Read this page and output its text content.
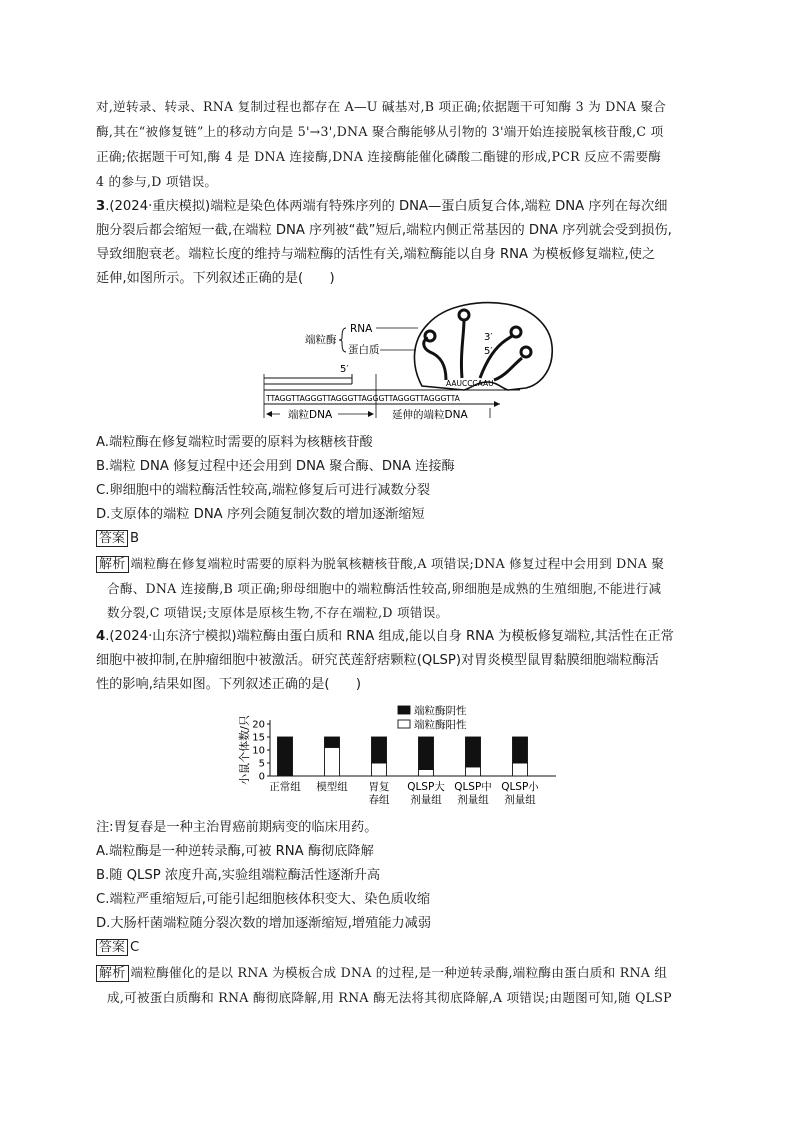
对,逆转录、转录、RNA 复制过程也都存在 A—U 碱基对,B 项正确;依据题干可知酶 3 为 DNA 聚合
酶,其在“被修复链”上的移动方向是 5'→3',DNA 聚合酶能够从引物的 3'端开始连接脱氧核苷酸,C 项
正确;依据题干可知,酶 4 是 DNA 连接酶,DNA 连接酶能催化磷酸二酯键的形成,PCR 反应不需要酶
4 的参与,D 项错误。
3.(2024·重庆模拟)端粒是染色体两端有特殊序列的 DNA—蛋白质复合体,端粒 DNA 序列在每次细
胞分裂后都会缩短一截,在端粒 DNA 序列被“截”短后,端粒内侧正常基因的 DNA 序列就会受到损伤,
导致细胞衰老。端粒长度的维持与端粒酶的活性有关,端粒酶能以自身 RNA 为模板修复端粒,使之
延伸,如图所示。下列叙述正确的是(　　)
3′
5′
AAUCCCAAU
端粒酶
RNA
蛋白质
5′
TTAGGTTAGGGTTAGGGTTAGGGTTAGGGTTAGGGTTA
端粒DNA	延伸的端粒DNA
A.端粒酶在修复端粒时需要的原料为核糖核苷酸
B.端粒 DNA 修复过程中还会用到 DNA 聚合酶、DNA 连接酶
C.卵细胞中的端粒酶活性较高,端粒修复后可进行减数分裂
D.支原体的端粒 DNA 序列会随复制次数的增加逐渐缩短
答案 B
解析 端粒酶在修复端粒时需要的原料为脱氧核糖核苷酸,A 项错误;DNA 修复过程中会用到 DNA 聚
合酶、DNA 连接酶,B 项正确;卵母细胞中的端粒酶活性较高,卵细胞是成熟的生殖细胞,不能进行减
数分裂,C 项错误;支原体是原核生物,不存在端粒,D 项错误。
4.(2024·山东济宁模拟)端粒酶由蛋白质和 RNA 组成,能以自身 RNA 为模板修复端粒,其活性在正常
细胞中被抑制,在肿瘤细胞中被激活。研究芪莲舒痞颗粒(QLSP)对胃炎模型鼠胃黏膜细胞端粒酶活
性的影响,结果如图。下列叙述正确的是(　　)
小鼠个体数/只 0
5
10
15
20
正常组 模型组 胃复
春组
QLSP大
剂量组
QLSP中
剂量组
QLSP小
剂量组
端粒酶阴性
端粒酶阳性
注:胃复春是一种主治胃癌前期病变的临床用药。
A.端粒酶是一种逆转录酶,可被 RNA 酶彻底降解
B.随 QLSP 浓度升高,实验组端粒酶活性逐渐升高
C.端粒严重缩短后,可能引起细胞核体积变大、染色质收缩
D.大肠杆菌端粒随分裂次数的增加逐渐缩短,增殖能力减弱
答案 C
解析 端粒酶催化的是以 RNA 为模板合成 DNA 的过程,是一种逆转录酶,端粒酶由蛋白质和 RNA 组
成,可被蛋白质酶和 RNA 酶彻底降解,用 RNA 酶无法将其彻底降解,A 项错误;由题图可知,随 QLSP
